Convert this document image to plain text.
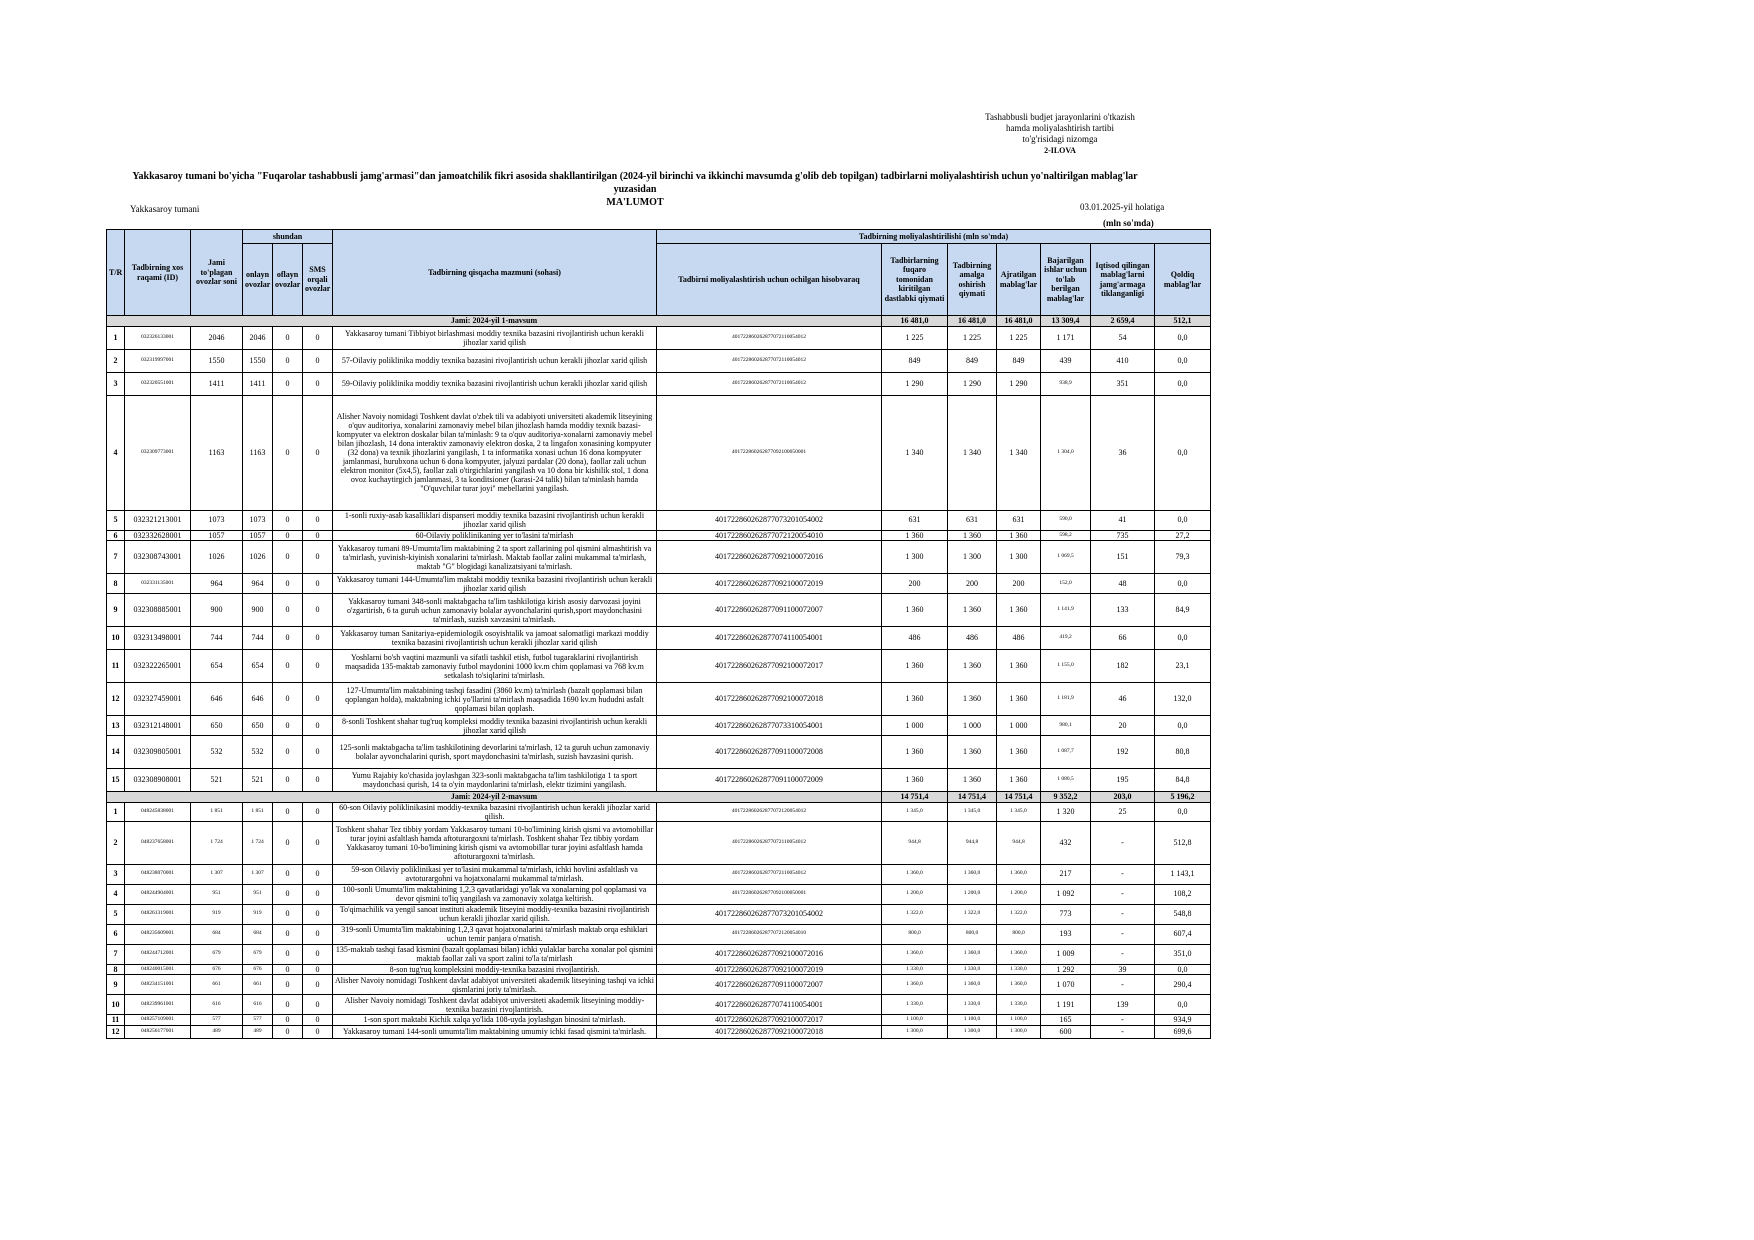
Tashabbusli budjet jarayonlarini o'tkazish
hamda moliyalashtirish tartibi
to'g'risidagi nizomga
2-ILOVA
Yakkasaroy tumani bo'yicha "Fuqarolar tashabbusli jamg'armasi"dan jamoatchilik fikri asosida shakllantirilgan (2024-yil birinchi va ikkinchi mavsumda g'olib deb topilgan) tadbirlarni moliyalashtirish uchun yo'naltirilgan mablag'lar yuzasidan
MA'LUMOT
Yakkasaroy tumani	03.01.2025-yil holatiga
(mln so'mda)
T/R	Tadbirning xos raqami (ID)	Jami to'plagan ovozlar soni	shundan			Tadbirning qisqacha mazmuni (sohasi)	Tadbirning moliyalashtirilishi (mln so'mda)						
			onlayn ovozlar	oflayn ovozlar	SMS orqali ovozlar		Tadbirni moliyalashtirish uchun ochilgan hisobvaraq	Tadbirlarning fuqaro tomonidan kiritilgan dastlabki qiymati	Tadbirning amalga oshirish qiymati	Ajratilgan mablag'lar	Bajarilgan ishlar uchun to'lab berilgan mablag'lar	Iqtisod qilingan mablag'larni jamg'armaga tiklanganligi	Qoldiq mablag'lar
Jami: 2024-yil 1-mavsum								16 481,0	16 481,0	16 481,0	13 309,4	2 659,4	512,1
1	032326133001	2046	2046	0	0	Yakkasaroy tumani Tibbiyot birlashmasi moddiy texnika bazasini rivojlantirish uchun kerakli jihozlar xarid qilish	401722860262877072110054012	1 225	1 225	1 225	1 171	54	0,0
2	032319997001	1550	1550	0	0	57-Oilaviy poliklinika moddiy texnika bazasini rivojlantirish uchun kerakli jihozlar xarid qilish	401722860262877072110054012	849	849	849	439	410	0,0
3	032320551001	1411	1411	0	0	59-Oilaviy poliklinika moddiy texnika bazasini rivojlantirish uchun kerakli jihozlar xarid qilish	401722860262877072110054012	1 290	1 290	1 290	938,9	351	0,0
4	032309773001	1163	1163	0	0	Alisher Navoiy nomidagi Toshkent davlat o'zbek tili va adabiyoti universiteti akademik litseyining o'quv auditoriya, xonalarini zamonaviy mebel bilan jihozlash hamda moddiy texnik bazasi-kompyuter va elektron doskalar bilan ta'minlash: 9 ta o'quv auditoriya-xonalarni zamonaviy mebel bilan jihozlash, 14 dona interaktiv zamonaviy elektron doska, 2 ta lingafon xonasining kompyuter (32 dona) va texnik jihozlarini yangilash, 1 ta informatika xonasi uchun 16 dona kompyuter jamlanmasi, hurubxona uchun 6 dona kompyuter, jalyuzi pardalar (20 dona), faollar zali uchun elektron monitor (5x4,5), faollar zali o'tirgichlarini yangilash va 10 dona bir kishilik stol, 1 dona ovoz kuchaytirgich jamlanmasi, 3 ta konditsioner (karasi-24 talik) bilan ta'minlash hamda "O'quvchilar turar joyi" mebellarini yangilash.	401722860262877092100050001	1 340	1 340	1 340	1 304,0	36	0,0
5	032321213001	1073	1073	0	0	1-sonli ruxiy-asab kasalliklari dispanseri moddiy texnika bazasini rivojlantirish uchun kerakli jihozlar xarid qilish	401722860262877073201054002	631	631	631	590,0	41	0,0
6	032332628001	1057	1057	0	0	60-Oilaviy poliklinikaning yer to'lasini ta'mirlash	401722860262877072120054010	1 360	1 360	1 360	598,2	735	27,2
7	032308743001	1026	1026	0	0	Yakkasaroy tumani 89-Umumta'lim maktabining 2 ta sport zallarining pol qismini almashtirish va ta'mirlash, yuvinish-kiyinish xonalarini ta'mirlash. Maktab faollar zalini mukammal ta'mirlash, maktab "G" blogidagi kanalizatsiyani ta'mirlash.	401722860262877092100072016	1 300	1 300	1 300	1 069,5	151	79,3
8	032331135001	964	964	0	0	Yakkasaroy tumani 144-Umumta'lim maktabi moddiy texnika bazasini rivojlantirish uchun kerakli jihozlar xarid qilish	401722860262877092100072019	200	200	200	152,0	48	0,0
9	032308885001	900	900	0	0	Yakkasaroy tumani 348-sonli maktabgacha ta'lim tashkilotiga kirish asosiy darvozasi joyini o'zgartirish, 6 ta guruh uchun zamonaviy bolalar ayvonchalarini qurish,sport maydonchasini ta'mirlash, suzish xavzasini ta'mirlash.	401722860262877091100072007	1 360	1 360	1 360	1 141,9	133	84,9
10	032313498001	744	744	0	0	Yakkasaroy tuman Sanitariya-epidemiologik osoyishtalik va jamoat salomatligi markazi moddiy texnika bazasini rivojlantirish uchun kerakli jihozlar xarid qilish	401722860262877074110054001	486	486	486	419,2	66	0,0
11	032322265001	654	654	0	0	Yoshlarni bo'sh vaqtini mazmunli va sifatli tashkil etish, futbol tugaraklarini rivojlantirish maqsadida 135-maktab zamonaviy futbol maydonini 1000 kv.m chim qoplamasi va 768 kv.m setkalash to'siqlarini ta'mirlash.	401722860262877092100072017	1 360	1 360	1 360	1 155,0	182	23,1
12	032327459001	646	646	0	0	127-Umumta'lim maktabining tashqi fasadini (3860 kv.m) ta'mirlash (bazalt qoplamasi bilan qoplangan holda), maktabning ichki yo'llarini ta'mirlash maqsadida 1690 kv.m hududni asfalt qoplamasi bilan qoplash.	401722860262877092100072018	1 360	1 360	1 360	1 181,9	46	132,0
13	032312148001	650	650	0	0	8-sonli Toshkent shahar tug'ruq kompleksi moddiy texnika bazasini rivojlantirish uchun kerakli jihozlar xarid qilish	401722860262877073310054001	1 000	1 000	1 000	980,1	20	0,0
14	032309805001	532	532	0	0	125-sonli maktabgacha ta'lim tashkilotining devorlarini ta'mirlash, 12 ta guruh uchun zamonaviy bolalar ayvonchalarini qurish, sport maydonchasini ta'mirlash, suzish havzasini qurish.	401722860262877091100072008	1 360	1 360	1 360	1 087,7	192	80,8
15	032308908001	521	521	0	0	Yumu Rajabiy ko'chasida joylashgan 323-sonli maktabgacha ta'lim tashkilotiga 1 ta sport maydonchasi qurish, 14 ta o'yin maydonlarini ta'mirlash, elektr tizimini yangilash.	401722860262877091100072009	1 360	1 360	1 360	1 080,5	195	84,8
Jami: 2024-yil 2-mavsum								14 751,4	14 751,4	14 751,4	9 352,2	203,0	5 196,2
1	048245838001	1 851	1 851	0	0	60-son Oilaviy poliklinikasini moddiy-texnika bazasini rivojlantirish uchun kerakli jihozlar xarid qilish.	401722860262877072120054012	1 345,0	1 345,0	1 345,0	1 320	25	0,0
2	048237658001	1 724	1 724	0	0	Toshkent shahar Tez tibbiy yordam Yakkasaroy tumani 10-bo'limining kirish qismi va avtomobillar turar joyini asfaltlash hamda aftoturargoxni ta'mirlash. Toshkent shahar Tez tibbiy yordam Yakkasaroy tumani 10-bo'limining kirish qismi va avtomobillar turar joyini asfaltlash hamda aftoturargoxni ta'mirlash.	401722860262877072110054012	944,8	944,8	944,8	432	-	512,8
3	048238070001	1 307	1 307	0	0	59-son Oilaviy poliklinikasi yer to'lasini mukammal ta'mirlash, ichki hovlini asfaltlash va avtoturargohni va hojatxonalarni mukammal ta'mirlash.	401722860262877072110054012	1 360,0	1 360,0	1 360,0	217	-	1 143,1
4	048244904001	951	951	0	0	100-sonli Umumta'lim maktabining 1,2,3 qavatlaridagi yo'lak va xonalarning pol qoplamasi va devor qismini to'liq yangilash va zamonaviy xolatga keltirish.	401722860262877092100050001	1 200,0	1 200,0	1 200,0	1 092	-	108,2
5	048261319001	919	919	0	0	To'qimachilik va yengil sanoat instituti akademik litseyini moddiy-texnika bazasini rivojlantirish uchun kerakli jihozlar xarid qilish.	401722860262877073201054002	1 322,0	1 322,0	1 322,0	773	-	548,8
6	048235609001	684	684	0	0	319-sonli Umumta'lim maktabining 1,2,3 qavat hojatxonalarini ta'mirlash maktab orqa eshiklari uchun temir panjara o'rnatish.	401722860262877072120054010	800,0	800,0	800,0	193	-	607,4
7	048244712001	679	679	0	0	135-maktab tashqi fasad kismini (bazalt qoplamasi bilan) ichki yulaklar barcha xonalar pol qismini maktab faollar zali va sport zalini to'la ta'mirlash	401722860262877092100072016	1 360,0	1 360,0	1 360,0	1 009	-	351,0
8	048240015001	676	676	0	0	8-son tug'ruq kompleksini moddiy-texnika bazasini rivojlantirish.	401722860262877092100072019	1 330,0	1 330,0	1 330,0	1 292	39	0,0
9	048234151001	661	661	0	0	Alisher Navoiy nomidagi Toshkent davlat adabiyot universiteti akademik litseyining tashqi va ichki qismlarini joriy ta'mirlash.	401722860262877091100072007	1 360,0	1 360,0	1 360,0	1 070	-	290,4
10	048239961001	616	616	0	0	Alisher Navoiy nomidagi Toshkent davlat adabiyot universiteti akademik litseyining moddiy-texnika bazasini rivojlantirish.	401722860262877074110054001	1 330,0	1 330,0	1 330,0	1 191	139	0,0
11	048257109001	577	577	0	0	1-son sport maktabi Kichik xalqa yo'lida 108-uyda joylashgan binosini ta'mirlash.	401722860262877092100072017	1 100,0	1 100,0	1 100,0	165	-	934,9
12	048256177001	489	489	0	0	Yakkasaroy tumani 144-sonli umumta'lim maktabining umumiy ichki fasad qismini ta'mirlash.	401722860262877092100072018	1 300,0	1 300,0	1 300,0	600	-	699,6
